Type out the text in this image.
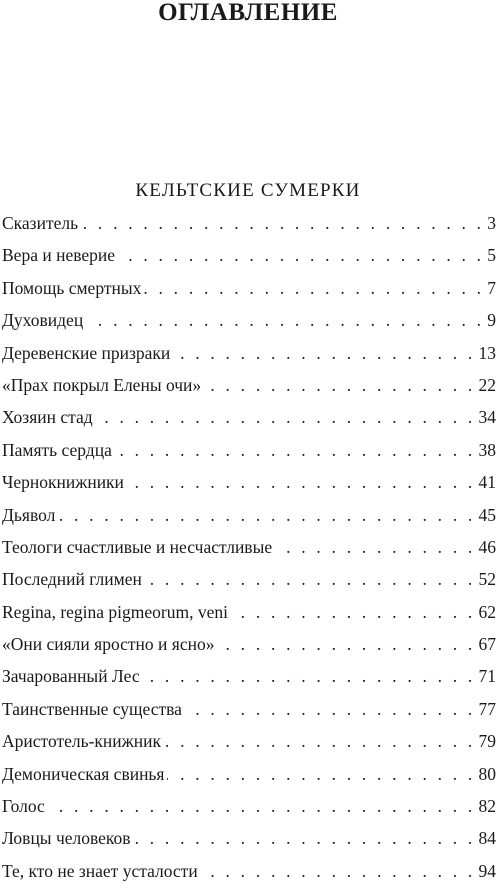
ОГЛАВЛЕНИЕ
КЕЛЬТСКИЕ СУМЕРКИ
Сказитель . . .	3
Вера и неверие . . .	5
Помощь смертных . . .	7
Духовидец . . .	9
Деревенские призраки . . .	13
«Прах покрыл Елены очи» . . .	22
Хозяин стад . . .	34
Память сердца . . .	38
Чернокнижники . . .	41
Дьявол . . .	45
Теологи счастливые и несчастливые . . .	46
Последний глимен . . .	52
Regina, regina pigmeorum, veni . . .	62
«Они сияли яростно и ясно» . . .	67
Зачарованный Лес . . .	71
Таинственные существа . . .	77
Аристотель-книжник . . .	79
Демоническая свинья . . .	80
Голос . . .	82
Ловцы человеков . . .	84
Те, кто не знает усталости . . .	94
